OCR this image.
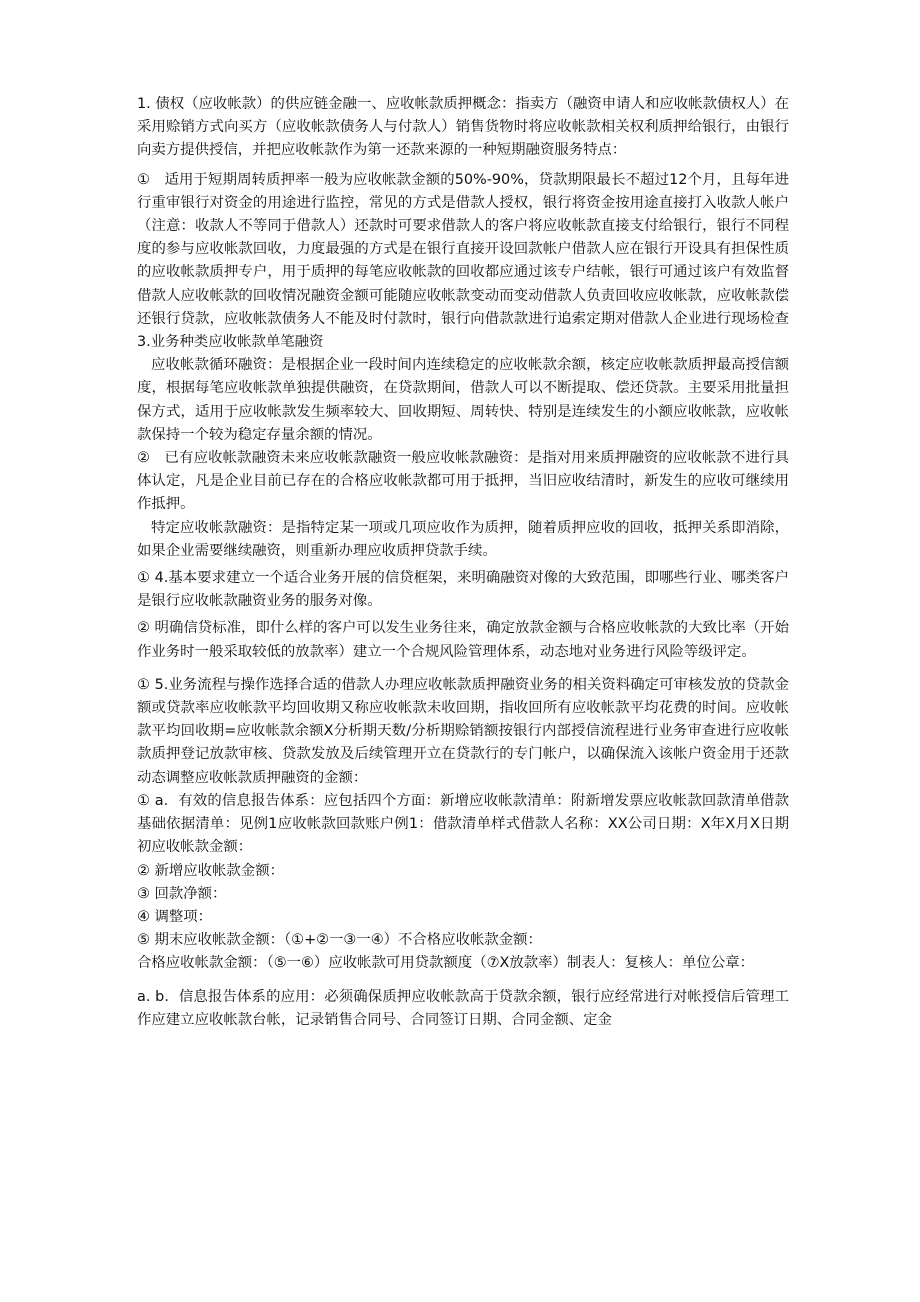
1. 债权（应收帐款）的供应链金融一、应收帐款质押概念：指卖方（融资申请人和应收帐款债权人）在采用赊销方式向买方（应收帐款债务人与付款人）销售货物时将应收帐款相关权利质押给银行，由银行向卖方提供授信，并把应收帐款作为第一还款来源的一种短期融资服务特点：

①　适用于短期周转质押率一般为应收帐款金额的50%-90%，贷款期限最长不超过12个月，且每年进行重审银行对资金的用途进行监控，常见的方式是借款人授权，银行将资金按用途直接打入收款人帐户（注意：收款人不等同于借款人）还款时可要求借款人的客户将应收帐款直接支付给银行，银行不同程度的参与应收帐款回收，力度最强的方式是在银行直接开设回款帐户借款人应在银行开设具有担保性质的应收帐款质押专户，用于质押的每笔应收帐款的回收都应通过该专户结帐，银行可通过该户有效监督借款人应收帐款的回收情况融资金额可能随应收帐款变动而变动借款人负责回收应收帐款，应收帐款偿还银行贷款，应收帐款债务人不能及时付款时，银行向借款款进行追索定期对借款人企业进行现场检查3.业务种类应收帐款单笔融资

应收帐款循环融资：是根据企业一段时间内连续稳定的应收帐款余额，核定应收帐款质押最高授信额度，根据每笔应收帐款单独提供融资，在贷款期间，借款人可以不断提取、偿还贷款。主要采用批量担保方式，适用于应收帐款发生频率较大、回收期短、周转快、特别是连续发生的小额应收帐款，应收帐款保持一个较为稳定存量余额的情况。

②　已有应收帐款融资未来应收帐款融资一般应收帐款融资：是指对用来质押融资的应收帐款不进行具体认定，凡是企业目前已存在的合格应收帐款都可用于抵押，当旧应收结清时，新发生的应收可继续用作抵押。

特定应收帐款融资：是指特定某一项或几项应收作为质押，随着质押应收的回收，抵押关系即消除，如果企业需要继续融资，则重新办理应收质押贷款手续。

① 4.基本要求建立一个适合业务开展的信贷框架，来明确融资对像的大致范围，即哪些行业、哪类客户是银行应收帐款融资业务的服务对像。

② 明确信贷标准，即什么样的客户可以发生业务往来，确定放款金额与合格应收帐款的大致比率（开始作业务时一般采取较低的放款率）建立一个合规风险管理体系，动态地对业务进行风险等级评定。

① 5.业务流程与操作选择合适的借款人办理应收帐款质押融资业务的相关资料确定可审核发放的贷款金额或贷款率应收帐款平均回收期又称应收帐款未收回期，指收回所有应收帐款平均花费的时间。应收帐款平均回收期=应收帐款余额X分析期天数/分析期赊销额按银行内部授信流程进行业务审查进行应收帐款质押登记放款审核、贷款发放及后续管理开立在贷款行的专门帐户，以确保流入该帐户资金用于还款动态调整应收帐款质押融资的金额：

① a．有效的信息报告体系：应包括四个方面：新增应收帐款清单：附新增发票应收帐款回款清单借款基础依据清单：见例1应收帐款回款账户例1：借款清单样式借款人名称：XX公司日期：X年X月X日期初应收帐款金额：

② 新增应收帐款金额：

③ 回款净额：

④ 调整项：

⑤ 期末应收帐款金额：（①+②一③一④）不合格应收帐款金额：

合格应收帐款金额：（⑤一⑥）应收帐款可用贷款额度（⑦X放款率）制表人：复核人：单位公章：

a. b．信息报告体系的应用：必须确保质押应收帐款高于贷款余额，银行应经常进行对帐授信后管理工作应建立应收帐款台帐，记录销售合同号、合同签订日期、合同金额、定金
